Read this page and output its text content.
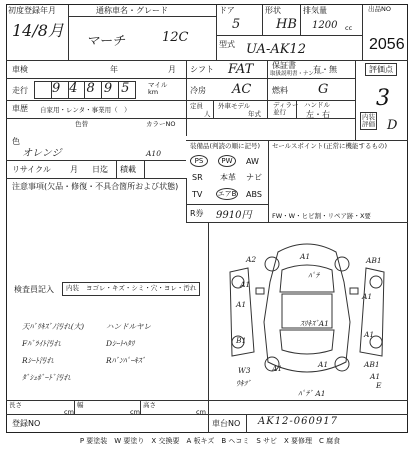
初度登録年月
14/8月
通称車名・グレード
マーチ	12C
ドア
5
形状
HB
排気量
1200 cc
型式 UA-AK12
出品NO
2056
車検	年	月 シフト FAT 保証書
取扱説明書・ナンバー
有・無	評価点
3
走行 94895 マイル
km	冷房 AC	燃料 G
車歴 自家用・レンタ・事業用（　）	定員
人
外車モデル
年式
ディラー
並行
ハンドル
左・右	内装
評価 D
色
色替	カラーNO
オレンジ	A10
リサイクル 月 日迄 積載
装備品(判読の順に記号) セールスポイント(正常に機能するもの)
PS	PW	AW
SR 本革 ナビ
TV エアB ABS
R券 9910円	FW・W・ヒビ割・リペア跡・X要
注意事項(欠品・修復・不具合箇所および状態)
検査員記入 内装 ヨゴレ・キズ・シミ・穴・ヨレ・汚れ
天ﾊﾞﾘｷｽﾞﾉ汚れ(大)	ハンドルヤレ
Fﾊﾞﾗｲﾄ汚れ	Dｼｰﾄﾍﾀﾘ
Rｼｰﾄ汚れ	Rﾊﾞﾝﾊﾟｰｷｽﾞ
ﾀﾞｼｭﾎﾞｰﾄﾞ汚れ
A2	A1	AB1
A1
ﾊﾟﾃ
A1
A1
ｽﾘｷｽﾞA1
B1
W3
ｳｷﾂﾞ
A1
AB1
A1
E
A1
A1
ﾊﾟﾃﾞ A1
長さ
cm
幅
cm
高さ
cm
登録NO	車台NO AK12-060917
P 要塗装　W 要塗り　X 交換要　A 板キズ　B ヘコミ　S サビ　X 要修理　C 腐食
